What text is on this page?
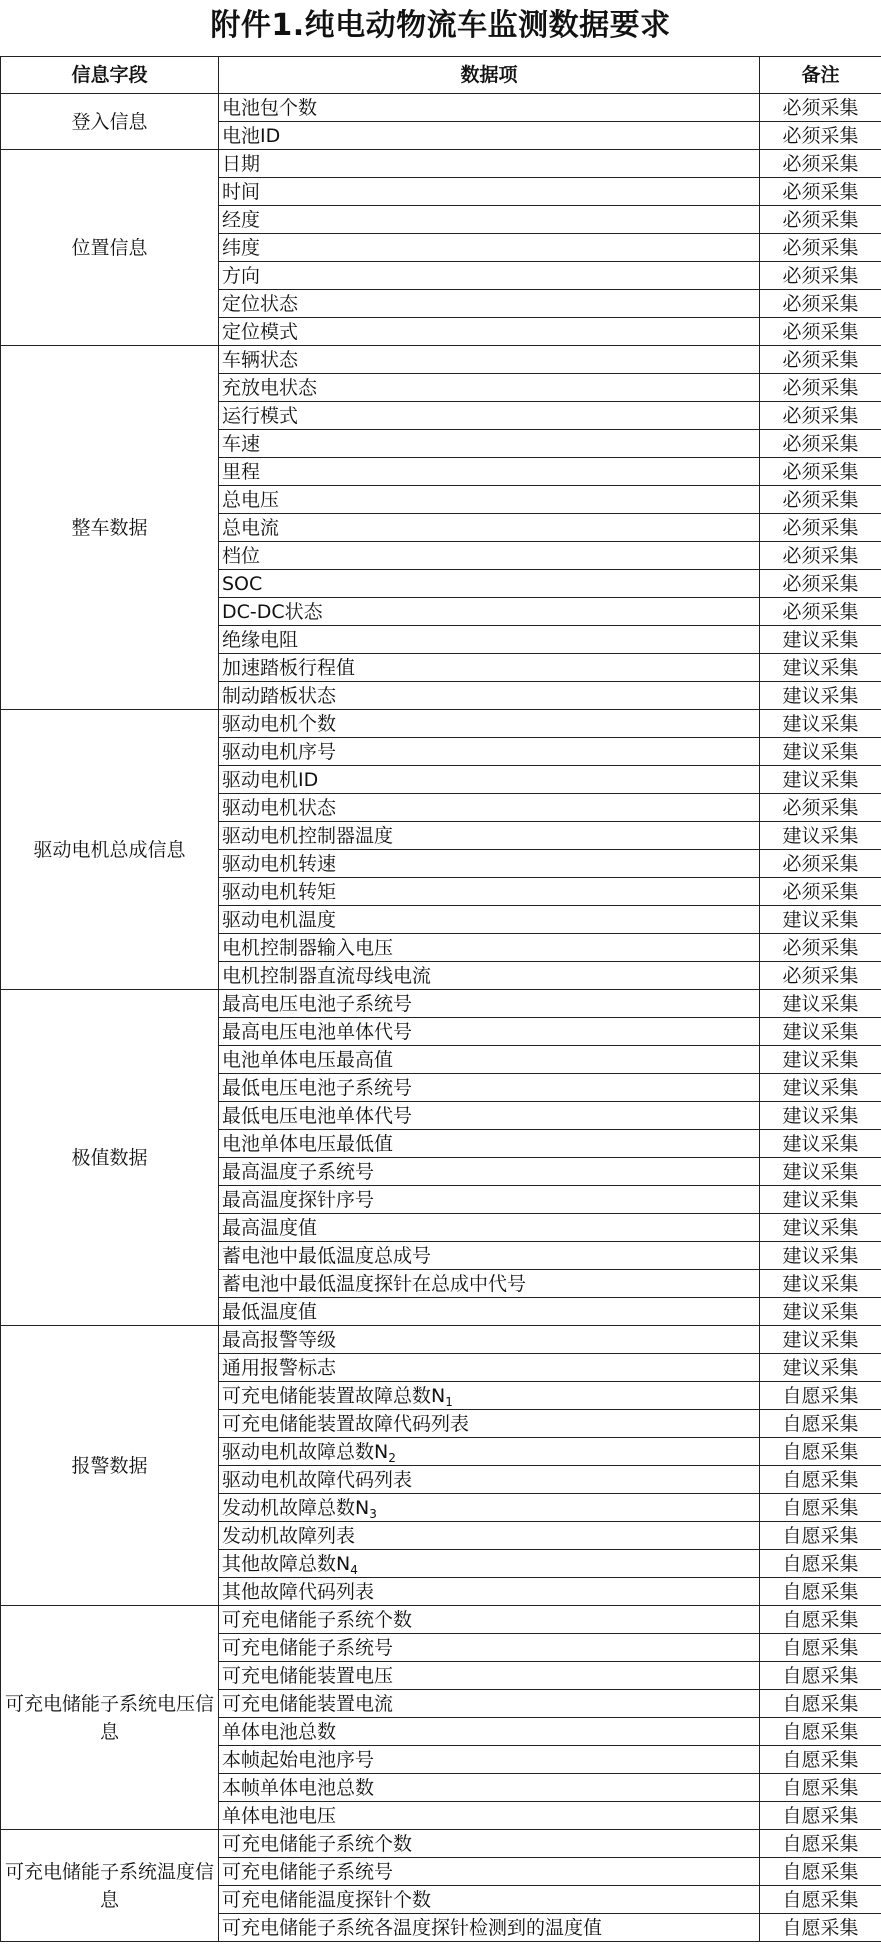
附件1.纯电动物流车监测数据要求
信息字段	数据项	备注
登入信息	电池包个数	必须采集
	电池ID	必须采集
位置信息	日期	必须采集
	时间	必须采集
	经度	必须采集
	纬度	必须采集
	方向	必须采集
	定位状态	必须采集
	定位模式	必须采集
整车数据	车辆状态	必须采集
	充放电状态	必须采集
	运行模式	必须采集
	车速	必须采集
	里程	必须采集
	总电压	必须采集
	总电流	必须采集
	档位	必须采集
	SOC	必须采集
	DC-DC状态	必须采集
	绝缘电阻	建议采集
	加速踏板行程值	建议采集
	制动踏板状态	建议采集
驱动电机总成信息	驱动电机个数	建议采集
	驱动电机序号	建议采集
	驱动电机ID	建议采集
	驱动电机状态	必须采集
	驱动电机控制器温度	建议采集
	驱动电机转速	必须采集
	驱动电机转矩	必须采集
	驱动电机温度	建议采集
	电机控制器输入电压	必须采集
	电机控制器直流母线电流	必须采集
极值数据	最高电压电池子系统号	建议采集
	最高电压电池单体代号	建议采集
	电池单体电压最高值	建议采集
	最低电压电池子系统号	建议采集
	最低电压电池单体代号	建议采集
	电池单体电压最低值	建议采集
	最高温度子系统号	建议采集
	最高温度探针序号	建议采集
	最高温度值	建议采集
	蓄电池中最低温度总成号	建议采集
	蓄电池中最低温度探针在总成中代号	建议采集
	最低温度值	建议采集
报警数据	最高报警等级	建议采集
	通用报警标志	建议采集
	可充电储能装置故障总数$N_1$	自愿采集
	可充电储能装置故障代码列表	自愿采集
	驱动电机故障总数$N_2$	自愿采集
	驱动电机故障代码列表	自愿采集
	发动机故障总数$N_3$	自愿采集
	发动机故障列表	自愿采集
	其他故障总数$N_4$	自愿采集
	其他故障代码列表	自愿采集
可充电储能子系统电压信息	可充电储能子系统个数	自愿采集
	可充电储能子系统号	自愿采集
	可充电储能装置电压	自愿采集
	可充电储能装置电流	自愿采集
	单体电池总数	自愿采集
	本帧起始电池序号	自愿采集
	本帧单体电池总数	自愿采集
	单体电池电压	自愿采集
可充电储能子系统温度信息	可充电储能子系统个数	自愿采集
	可充电储能子系统号	自愿采集
	可充电储能温度探针个数	自愿采集
	可充电储能子系统各温度探针检测到的温度值	自愿采集
